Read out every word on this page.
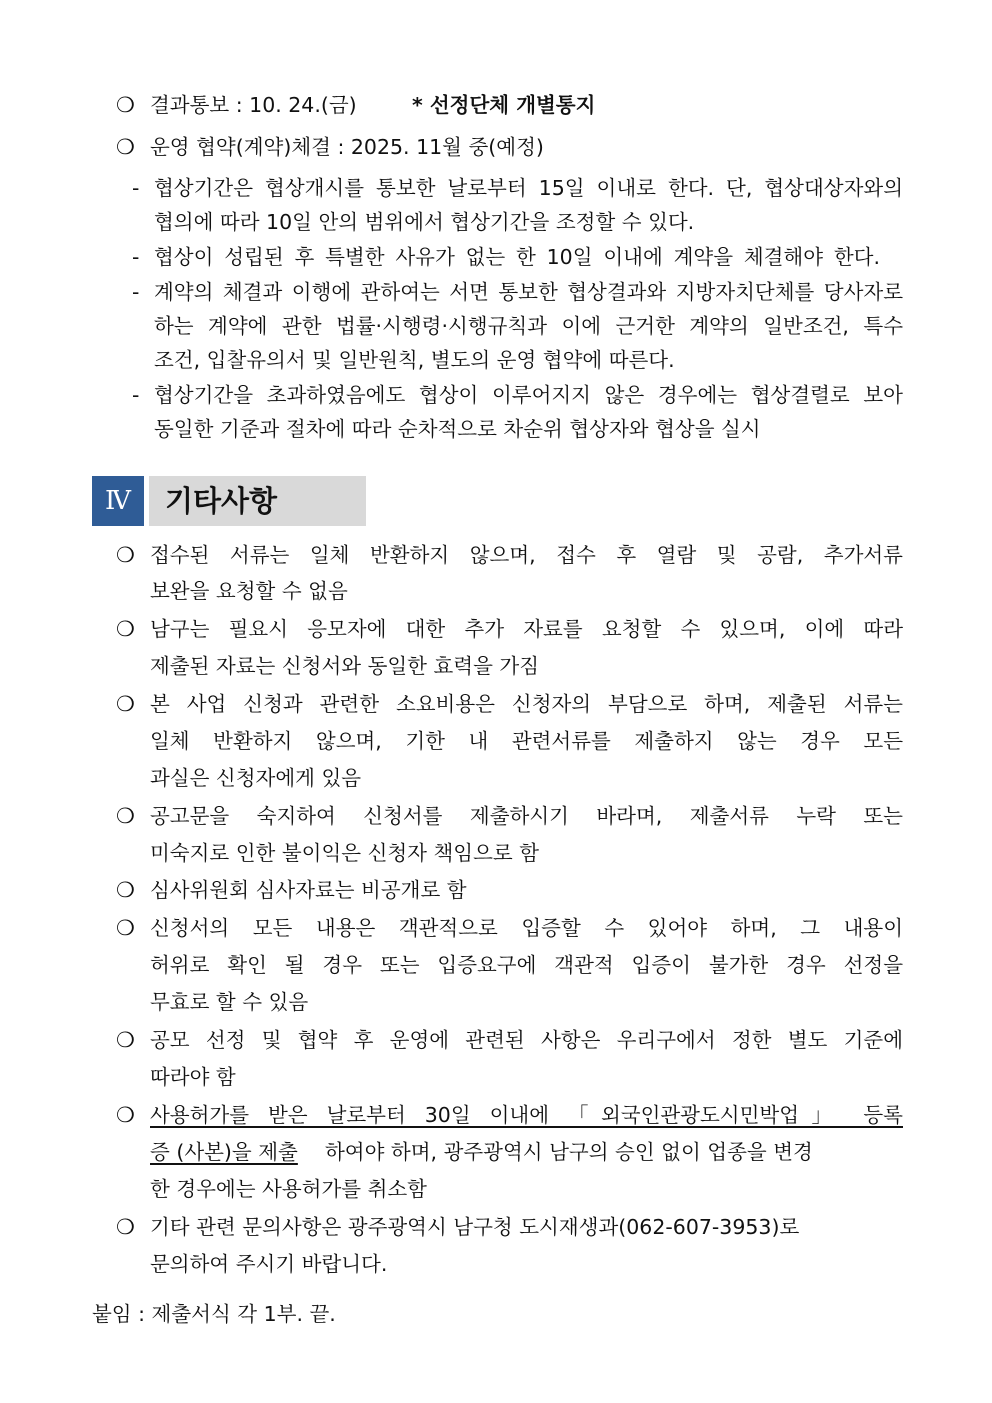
❍ 결과통보 : 10. 24.(금)	* 선정단체 개별통지
❍ 운영 협약(계약)체결 : 2025. 11월 중(예정)
- 협상기간은 협상개시를 통보한 날로부터 15일 이내로 한다. 단, 협상대상자와의
협의에 따라 10일 안의 범위에서 협상기간을 조정할 수 있다.
- 협상이 성립된 후 특별한 사유가 없는 한 10일 이내에 계약을 체결해야 한다.
- 계약의 체결과 이행에 관하여는 서면 통보한 협상결과와 지방자치단체를 당사자로
하는 계약에 관한 법률·시행령·시행규칙과 이에 근거한 계약의 일반조건, 특수
조건, 입찰유의서 및 일반원칙, 별도의 운영 협약에 따른다.
- 협상기간을 초과하였음에도 협상이 이루어지지 않은 경우에는 협상결렬로 보아
동일한 기준과 절차에 따라 순차적으로 차순위 협상자와 협상을 실시
Ⅳ	기타사항
❍ 접수된 서류는 일체 반환하지 않으며, 접수 후 열람 및 공람, 추가서류
보완을 요청할 수 없음
❍ 남구는 필요시 응모자에 대한 추가 자료를 요청할 수 있으며, 이에 따라
제출된 자료는 신청서와 동일한 효력을 가짐
❍ 본 사업 신청과 관련한 소요비용은 신청자의 부담으로 하며, 제출된 서류는
일체 반환하지 않으며, 기한 내 관련서류를 제출하지 않는 경우 모든
과실은 신청자에게 있음
❍ 공고문을 숙지하여 신청서를 제출하시기 바라며, 제출서류 누락 또는
미숙지로 인한 불이익은 신청자 책임으로 함
❍ 심사위원회 심사자료는 비공개로 함
❍ 신청서의 모든 내용은 객관적으로 입증할 수 있어야 하며, 그 내용이
허위로 확인 될 경우 또는 입증요구에 객관적 입증이 불가한 경우 선정을
무효로 할 수 있음
❍ 공모 선정 및 협약 후 운영에 관련된 사항은 우리구에서 정한 별도 기준에
따라야 함
❍ 사용허가를 받은 날로부터 30일 이내에 「외국인관광도시민박업」 등록
증 (사본)을 제출 하여야 하며, 광주광역시 남구의 승인 없이 업종을 변경
한 경우에는 사용허가를 취소함
❍ 기타 관련 문의사항은 광주광역시 남구청 도시재생과(062-607-3953)로
문의하여 주시기 바랍니다.
붙임 : 제출서식 각 1부. 끝.
